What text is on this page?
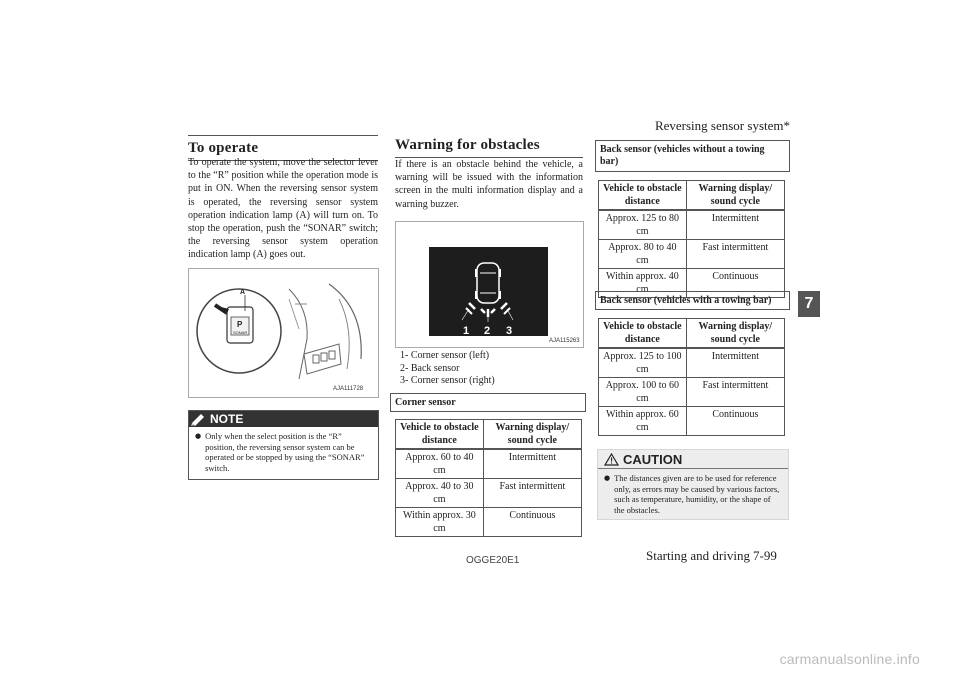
Reversing sensor system*
7
To operate
To operate the system, move the selector lever to the “R” position while the operation mode is put in ON. When the reversing sensor system is operated, the reversing sensor system operation indication lamp (A) will turn on. To stop the operation, push the “SONAR” switch; the reversing sensor system operation indication lamp (A) goes out.
A
P
SONAR
AJA111728
NOTE
● Only when the select position is the “R” position, the reversing sensor system can be operated or be stopped by using the “SONAR” switch.
Warning for obstacles
If there is an obstacle behind the vehicle, a warning will be issued with the information screen in the multi information display and a warning buzzer.
1 2 3
AJA115263
1- Corner sensor (left)
2- Back sensor
3- Corner sensor (right)
Corner sensor
Vehicle to obstacle distance	Warning display/ sound cycle
Approx. 60 to 40 cm	Intermittent
Approx. 40 to 30 cm	Fast intermittent
Within approx. 30 cm	Continuous
Back sensor (vehicles without a towing bar)
Vehicle to obstacle distance	Warning display/ sound cycle
Approx. 125 to 80 cm	Intermittent
Approx. 80 to 40 cm	Fast intermittent
Within approx. 40 cm	Continuous
Back sensor (vehicles with a towing bar)
Vehicle to obstacle distance	Warning display/ sound cycle
Approx. 125 to 100 cm	Intermittent
Approx. 100 to 60 cm	Fast intermittent
Within approx. 60 cm	Continuous
CAUTION
● The distances given are to be used for reference only, as errors may be caused by various factors, such as temperature, humidity, or the shape of the obstacles.
OGGE20E1	Starting and driving 7-99
carmanualsonline.info
